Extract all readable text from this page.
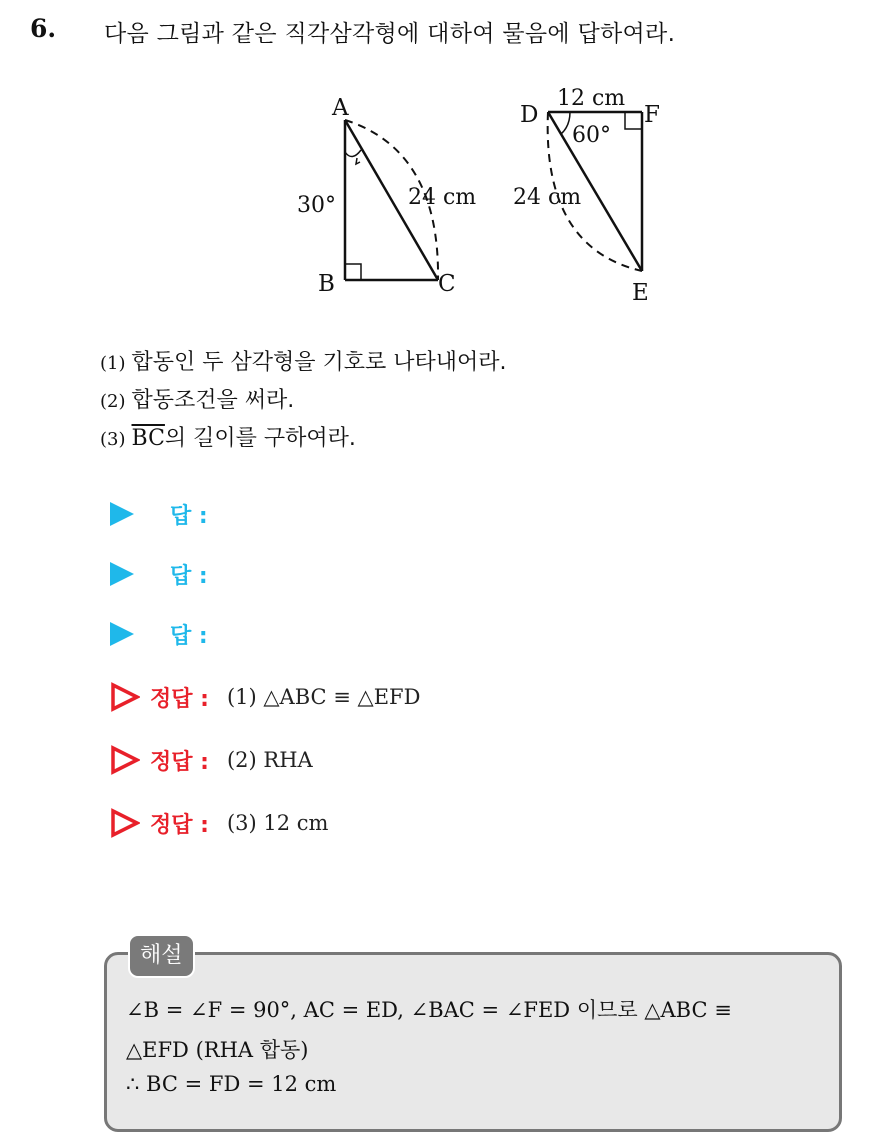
6. 다음 그림과 같은 직각삼각형에 대하여 물음에 답하여라.
A
B	C
30°	24 cm
D	F
E
12 cm
60°
24 cm
(1) 합동인 두 삼각형을 기호로 나타내어라.
(2) 합동조건을 써라.
(3) $\overline{BC}$의 길이를 구하여라.
답 :
답 :
답 :
정답 : (1) △ABC ≡ △EFD
정답 : (2) RHA
정답 : (3) 12 cm
해설
∠B = ∠F = 90°, AC = ED, ∠BAC = ∠FED 이므로 △ABC ≡
△EFD (RHA 합동)
∴ BC = FD = 12 cm
